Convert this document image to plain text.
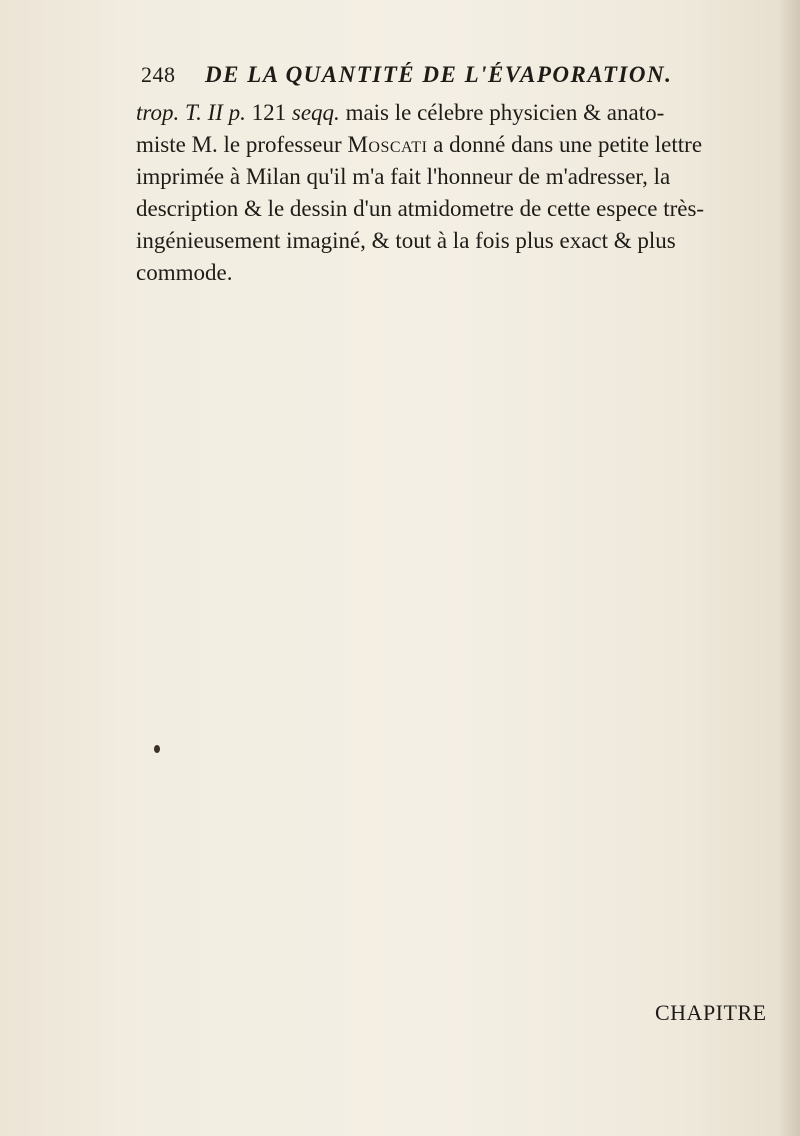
248 DE LA QUANTITÉ DE L'ÉVAPORATION.
trop. T. II p. 121 seqq. mais le célebre physicien & anato-
miste M. le professeur Moscati a donné dans une petite lettre
imprimée à Milan qu'il m'a fait l'honneur de m'adresser, la
description & le dessin d'un atmidometre de cette espece très-
ingénieusement imaginé, & tout à la fois plus exact & plus
commode.
CHAPITRE
